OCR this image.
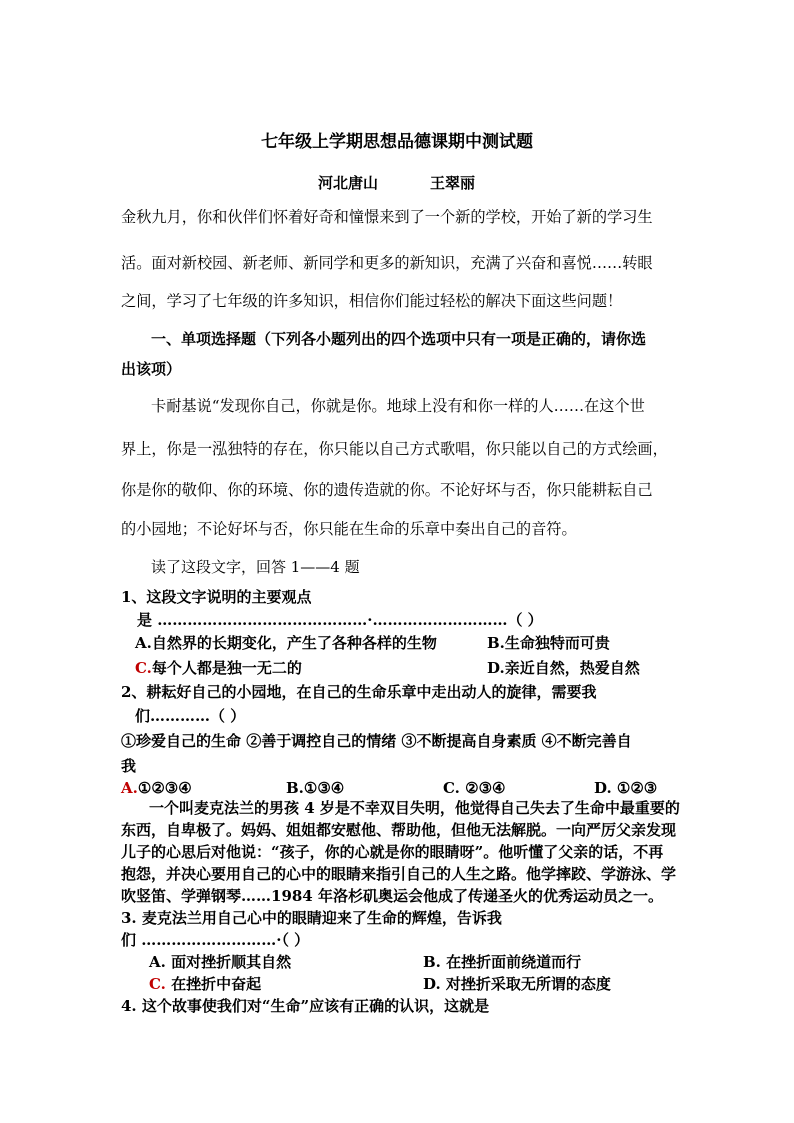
七年级上学期思想品德课期中测试题
河北唐山	王翠丽
金秋九月，你和伙伴们怀着好奇和憧憬来到了一个新的学校，开始了新的学习生
活。面对新校园、新老师、新同学和更多的新知识，充满了兴奋和喜悦……转眼
之间，学习了七年级的许多知识，相信你们能过轻松的解决下面这些问题！
一、单项选择题（下列各小题列出的四个选项中只有一项是正确的，请你选
出该项）
卡耐基说“发现你自己，你就是你。地球上没有和你一样的人……在这个世
界上，你是一泓独特的存在，你只能以自己方式歌唱，你只能以自己的方式绘画，
你是你的敬仰、你的环境、你的遗传造就的你。不论好坏与否，你只能耕耘自己
的小园地；不论好坏与否，你只能在生命的乐章中奏出自己的音符。
读了这段文字，回答 1——4 题
1、这段文字说明的主要观点
是 ……………………………………·………………………（ ）
A.自然界的长期变化，产生了各种各样的生物	B.生命独特而可贵
C.每个人都是独一无二的	D.亲近自然，热爱自然
2、耕耘好自己的小园地，在自己的生命乐章中走出动人的旋律，需要我
们…………（ ）
①珍爱自己的生命 ②善于调控自己的情绪 ③不断提高自身素质 ④不断完善自
我
A.①②③④	B.①③④	C. ②③④	D. ①②③
一个叫麦克法兰的男孩 4 岁是不幸双目失明，他觉得自己失去了生命中最重要的
东西，自卑极了。妈妈、姐姐都安慰他、帮助他，但他无法解脱。一向严厉父亲发现
儿子的心思后对他说：“孩子，你的心就是你的眼睛呀”。他听懂了父亲的话，不再
抱怨，并决心要用自己的心中的眼睛来指引自己的人生之路。他学摔跤、学游泳、学
吹竖笛、学弹钢琴……1984 年洛杉矶奥运会他成了传递圣火的优秀运动员之一。
3. 麦克法兰用自己心中的眼睛迎来了生命的辉煌，告诉我
们 ………………………·（ ）
A. 面对挫折顺其自然	B. 在挫折面前绕道而行
C. 在挫折中奋起	D. 对挫折采取无所谓的态度
4. 这个故事使我们对“生命”应该有正确的认识，这就是
